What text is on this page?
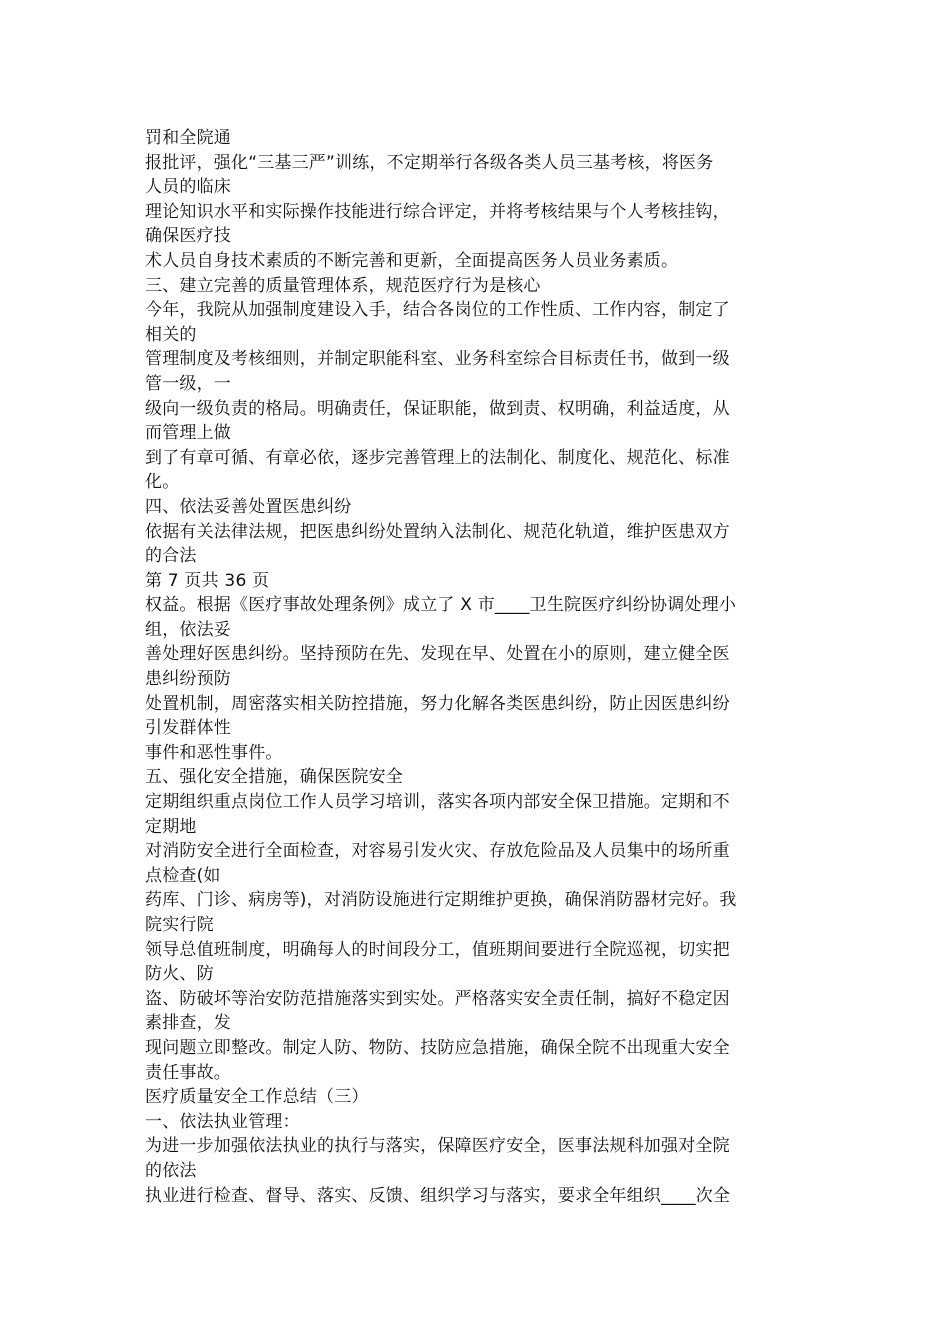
罚和全院通
报批评，强化“三基三严”训练，不定期举行各级各类人员三基考核，将医务
人员的临床
理论知识水平和实际操作技能进行综合评定，并将考核结果与个人考核挂钩，
确保医疗技
术人员自身技术素质的不断完善和更新，全面提高医务人员业务素质。
三、建立完善的质量管理体系，规范医疗行为是核心
今年，我院从加强制度建设入手，结合各岗位的工作性质、工作内容，制定了
相关的
管理制度及考核细则，并制定职能科室、业务科室综合目标责任书，做到一级
管一级，一
级向一级负责的格局。明确责任，保证职能，做到责、权明确，利益适度，从
而管理上做
到了有章可循、有章必依，逐步完善管理上的法制化、制度化、规范化、标准
化。
四、依法妥善处置医患纠纷
依据有关法律法规，把医患纠纷处置纳入法制化、规范化轨道，维护医患双方
的合法
第 7 页共 36 页
权益。根据《医疗事故处理条例》成立了 X 市____卫生院医疗纠纷协调处理小
组，依法妥
善处理好医患纠纷。坚持预防在先、发现在早、处置在小的原则，建立健全医
患纠纷预防
处置机制，周密落实相关防控措施，努力化解各类医患纠纷，防止因医患纠纷
引发群体性
事件和恶性事件。
五、强化安全措施，确保医院安全
定期组织重点岗位工作人员学习培训，落实各项内部安全保卫措施。定期和不
定期地
对消防安全进行全面检查，对容易引发火灾、存放危险品及人员集中的场所重
点检查(如
药库、门诊、病房等)，对消防设施进行定期维护更换，确保消防器材完好。我
院实行院
领导总值班制度，明确每人的时间段分工，值班期间要进行全院巡视，切实把
防火、防
盗、防破坏等治安防范措施落实到实处。严格落实安全责任制，搞好不稳定因
素排查，发
现问题立即整改。制定人防、物防、技防应急措施，确保全院不出现重大安全
责任事故。
医疗质量安全工作总结（三）
一、依法执业管理：
为进一步加强依法执业的执行与落实，保障医疗安全，医事法规科加强对全院
的依法
执业进行检查、督导、落实、反馈、组织学习与落实，要求全年组织____次全
